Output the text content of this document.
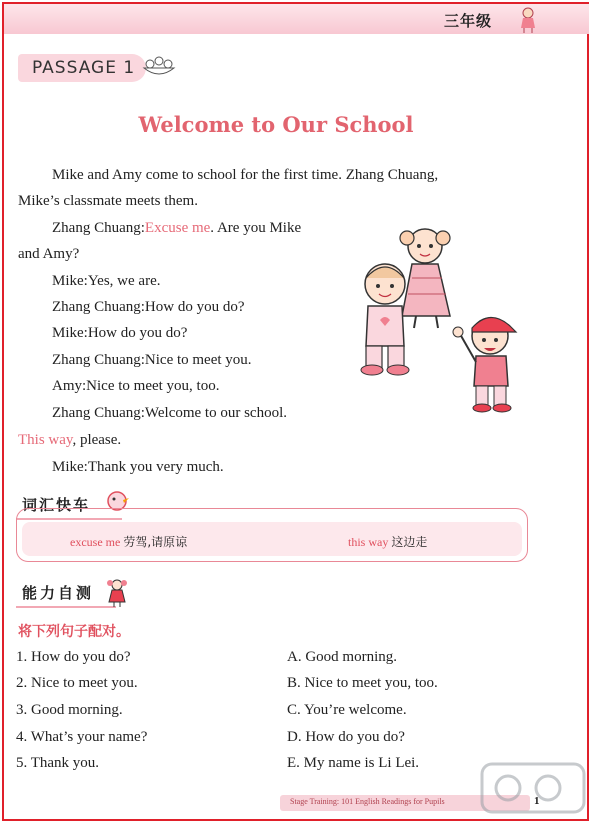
三年级
PASSAGE 1
Welcome to Our School
Mike and Amy come to school for the first time. Zhang Chuang,
Mike’s classmate meets them.
Zhang Chuang:Excuse me. Are you Mike
and Amy?
Mike:Yes, we are.
Zhang Chuang:How do you do?
Mike:How do you do?
Zhang Chuang:Nice to meet you.
Amy:Nice to meet you, too.
Zhang Chuang:Welcome to our school.
This way, please.
Mike:Thank you very much.
词汇快车
excuse me 劳驾,请原谅	this way 这边走
能力自测
将下列句子配对。
1. How do you do?
2. Nice to meet you.
3. Good morning.
4. What’s your name?
5. Thank you.
A. Good morning.
B. Nice to meet you, too.
C. You’re welcome.
D. How do you do?
E. My name is Li Lei.
Stage Training: 101 English Readings for Pupils	1
